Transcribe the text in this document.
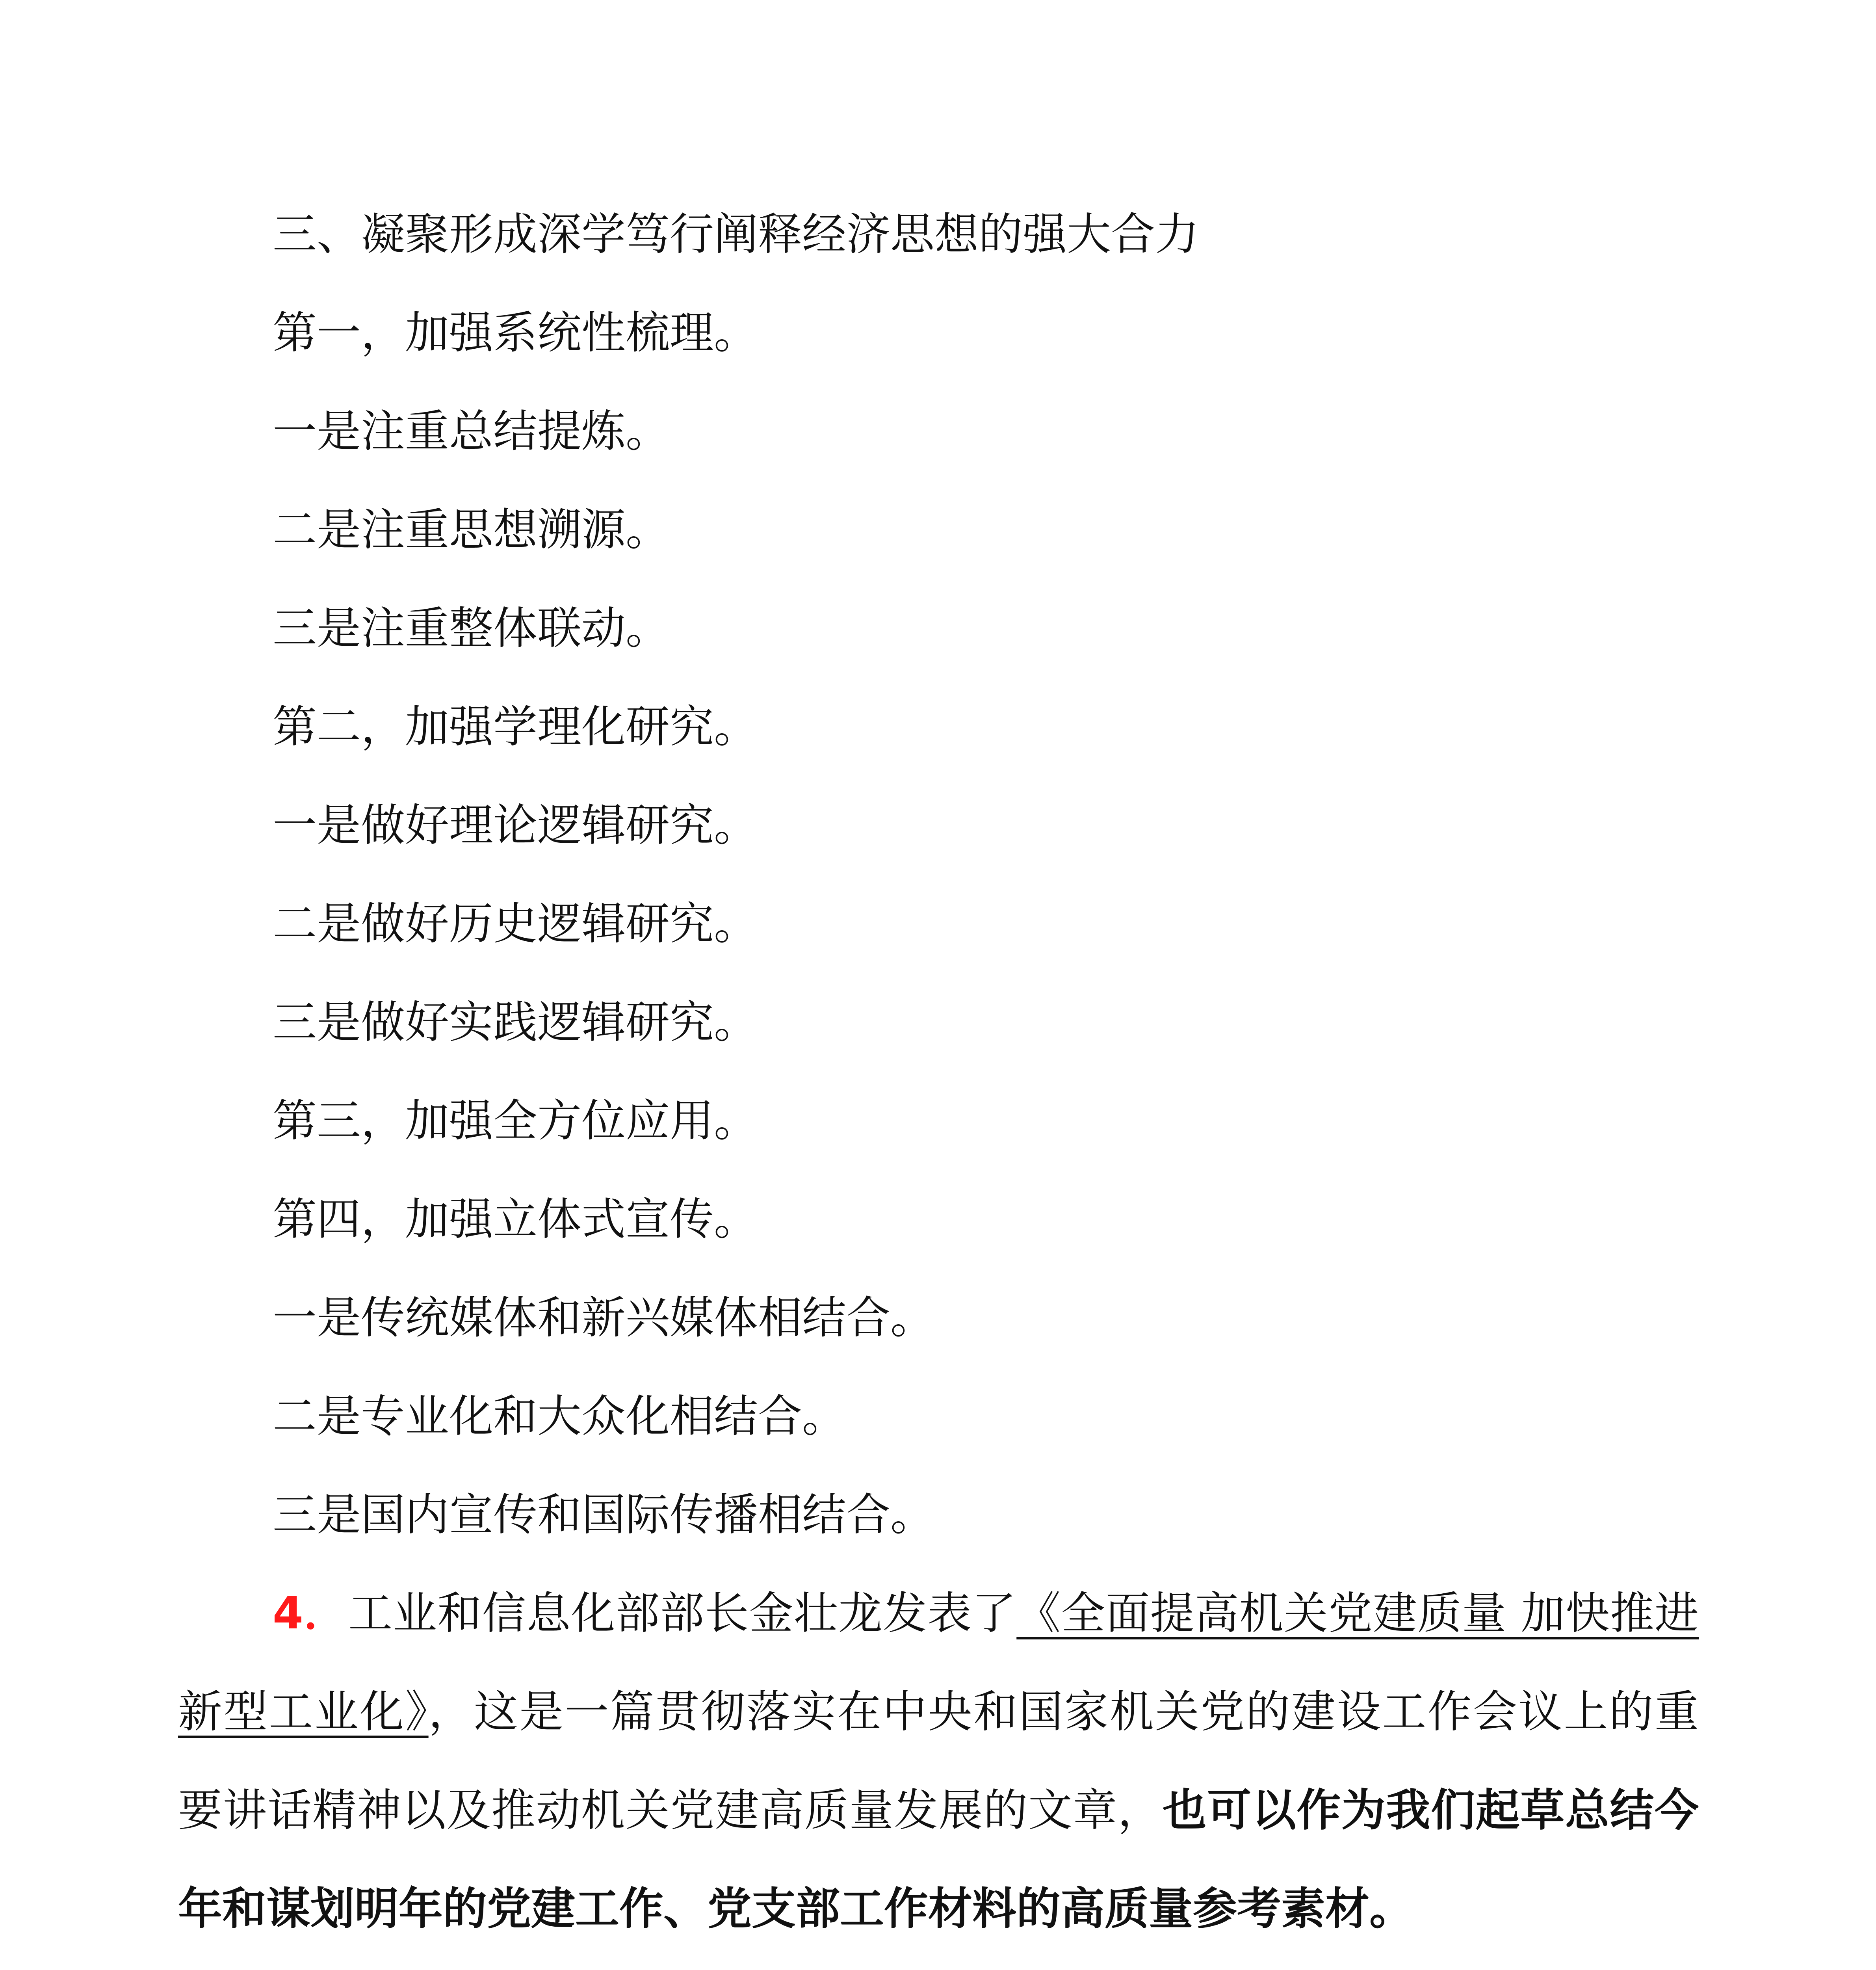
三、凝聚形成深学笃行阐释经济思想的强大合力

第一，加强系统性梳理。

一是注重总结提炼。

二是注重思想溯源。

三是注重整体联动。

第二，加强学理化研究。

一是做好理论逻辑研究。

二是做好历史逻辑研究。

三是做好实践逻辑研究。

第三，加强全方位应用。

第四，加强立体式宣传。

一是传统媒体和新兴媒体相结合。

二是专业化和大众化相结合。

三是国内宣传和国际传播相结合。

4．工业和信息化部部长金壮龙发表了《全面提高机关党建质量 加快推进新型工业化》，这是一篇贯彻落实在中央和国家机关党的建设工作会议上的重要讲话精神以及推动机关党建高质量发展的文章，也可以作为我们起草总结今年和谋划明年的党建工作、党支部工作材料的高质量参考素材。
